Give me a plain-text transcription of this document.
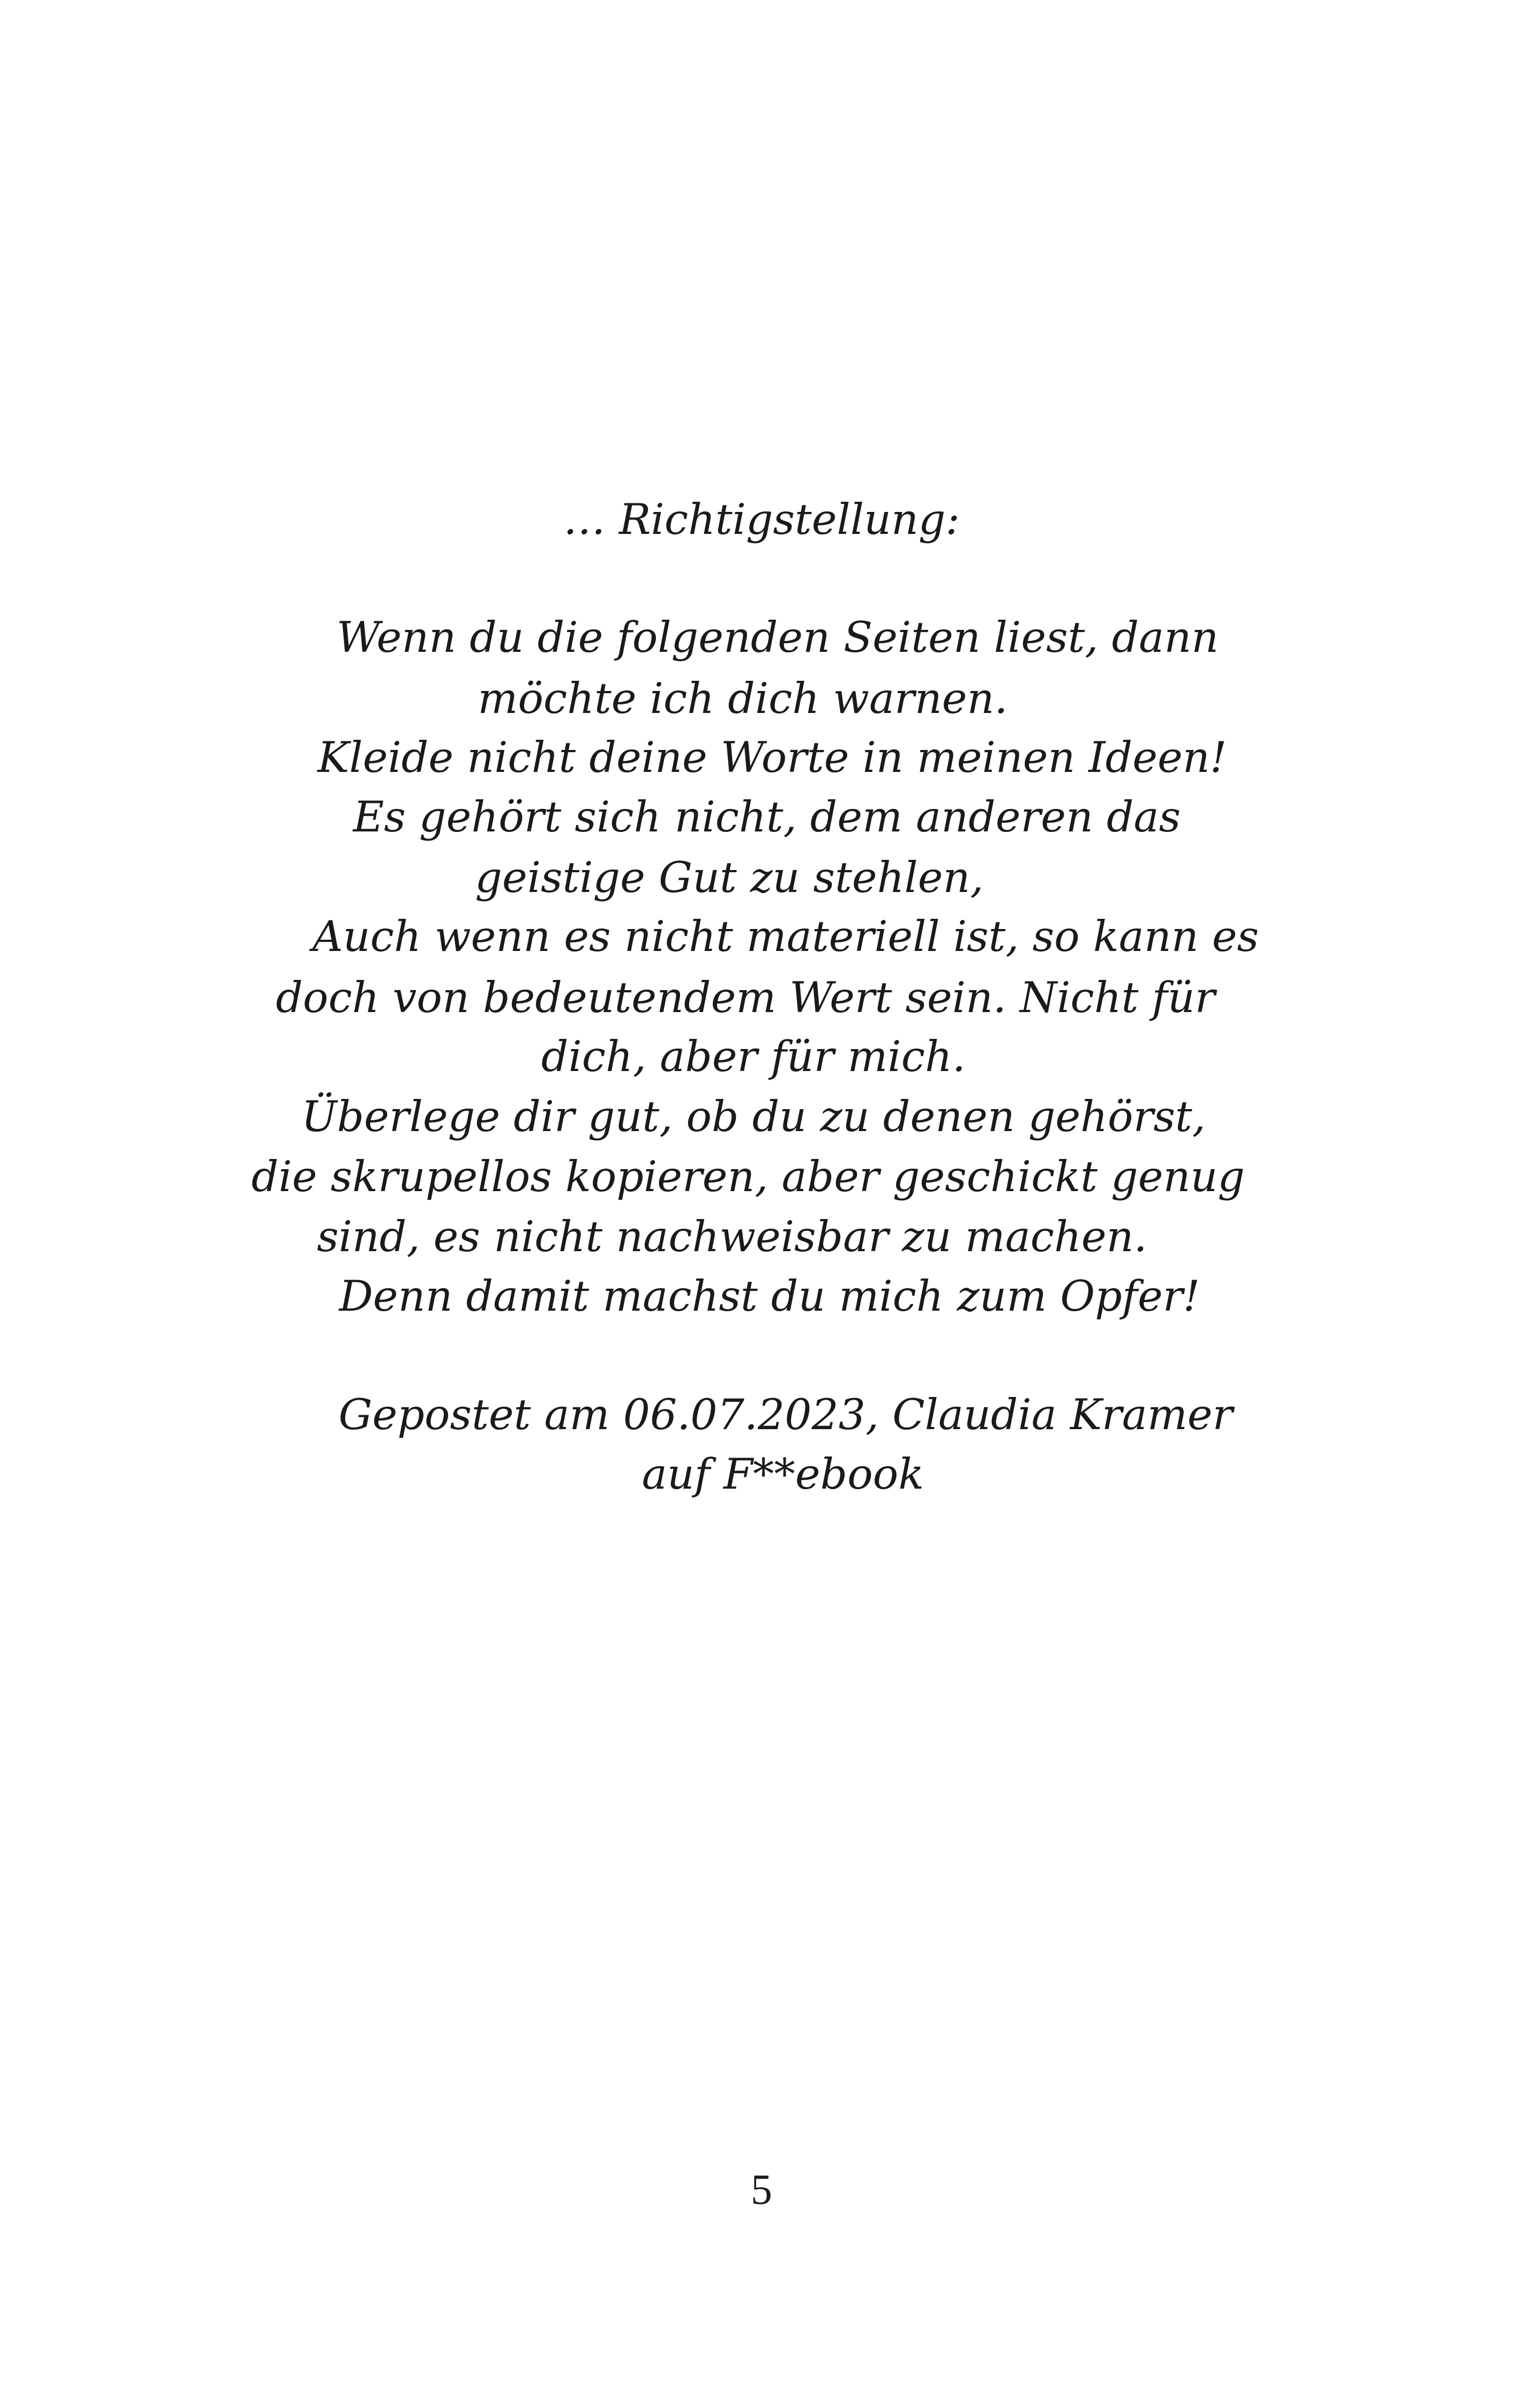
… Richtigstellung:
Wenn du die folgenden Seiten liest, dann
möchte ich dich warnen.
Kleide nicht deine Worte in meinen Ideen!
Es gehört sich nicht, dem anderen das
geistige Gut zu stehlen,
Auch wenn es nicht materiell ist, so kann es
doch von bedeutendem Wert sein. Nicht für
dich, aber für mich.
Überlege dir gut, ob du zu denen gehörst,
die skrupellos kopieren, aber geschickt genug
sind, es nicht nachweisbar zu machen.
Denn damit machst du mich zum Opfer!
Gepostet am 06.07.2023, Claudia Kramer
auf F**ebook
5
